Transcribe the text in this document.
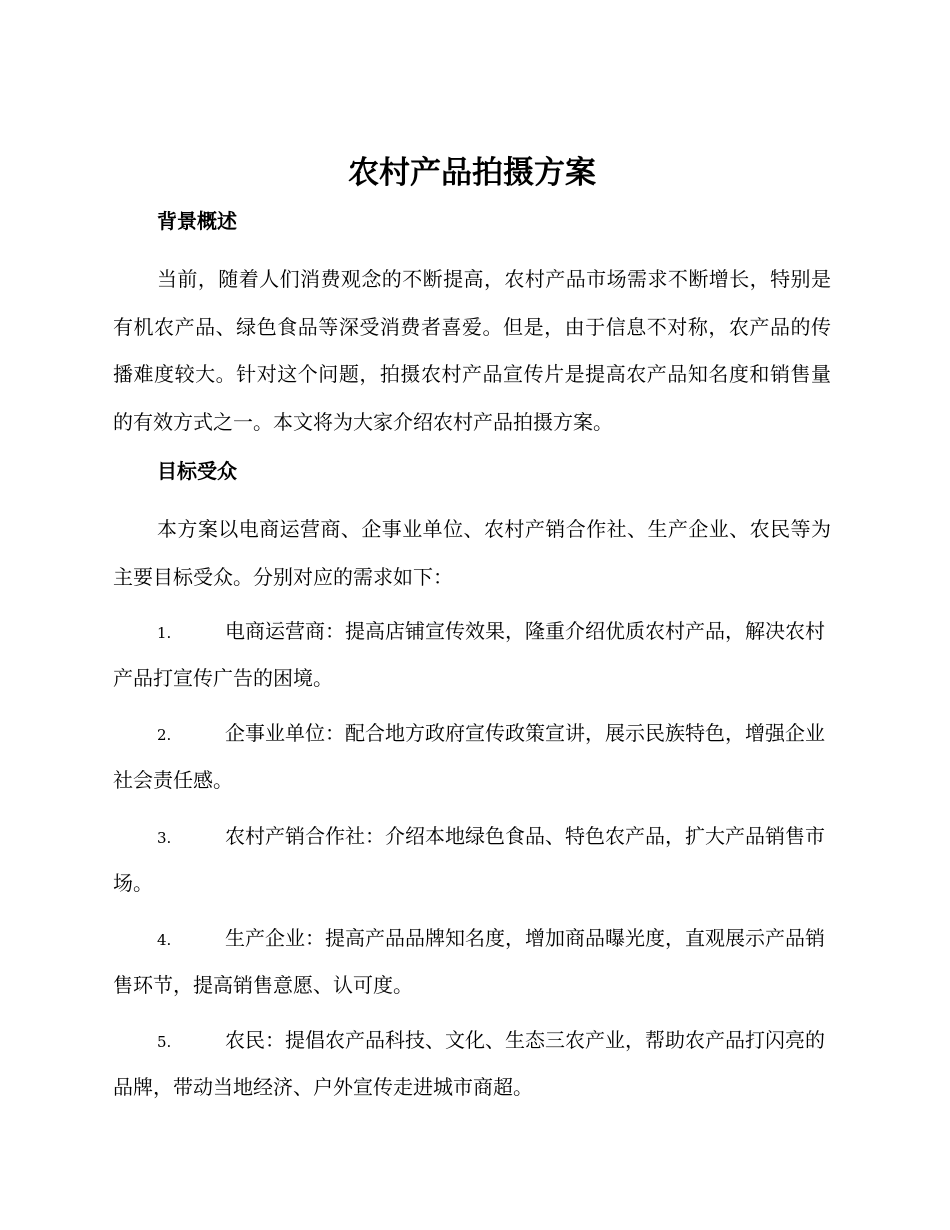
农村产品拍摄方案
背景概述

当前，随着人们消费观念的不断提高，农村产品市场需求不断增长，特别是有机农产品、绿色食品等深受消费者喜爱。但是，由于信息不对称，农产品的传播难度较大。针对这个问题，拍摄农村产品宣传片是提高农产品知名度和销售量的有效方式之一。本文将为大家介绍农村产品拍摄方案。

目标受众

本方案以电商运营商、企事业单位、农村产销合作社、生产企业、农民等为主要目标受众。分别对应的需求如下：

1.	电商运营商：提高店铺宣传效果，隆重介绍优质农村产品，解决农村产品打宣传广告的困境。

2.	企事业单位：配合地方政府宣传政策宣讲，展示民族特色，增强企业社会责任感。

3.	农村产销合作社：介绍本地绿色食品、特色农产品，扩大产品销售市场。

4.	生产企业：提高产品品牌知名度，增加商品曝光度，直观展示产品销售环节，提高销售意愿、认可度。

5.	农民：提倡农产品科技、文化、生态三农产业，帮助农产品打闪亮的品牌，带动当地经济、户外宣传走进城市商超。
